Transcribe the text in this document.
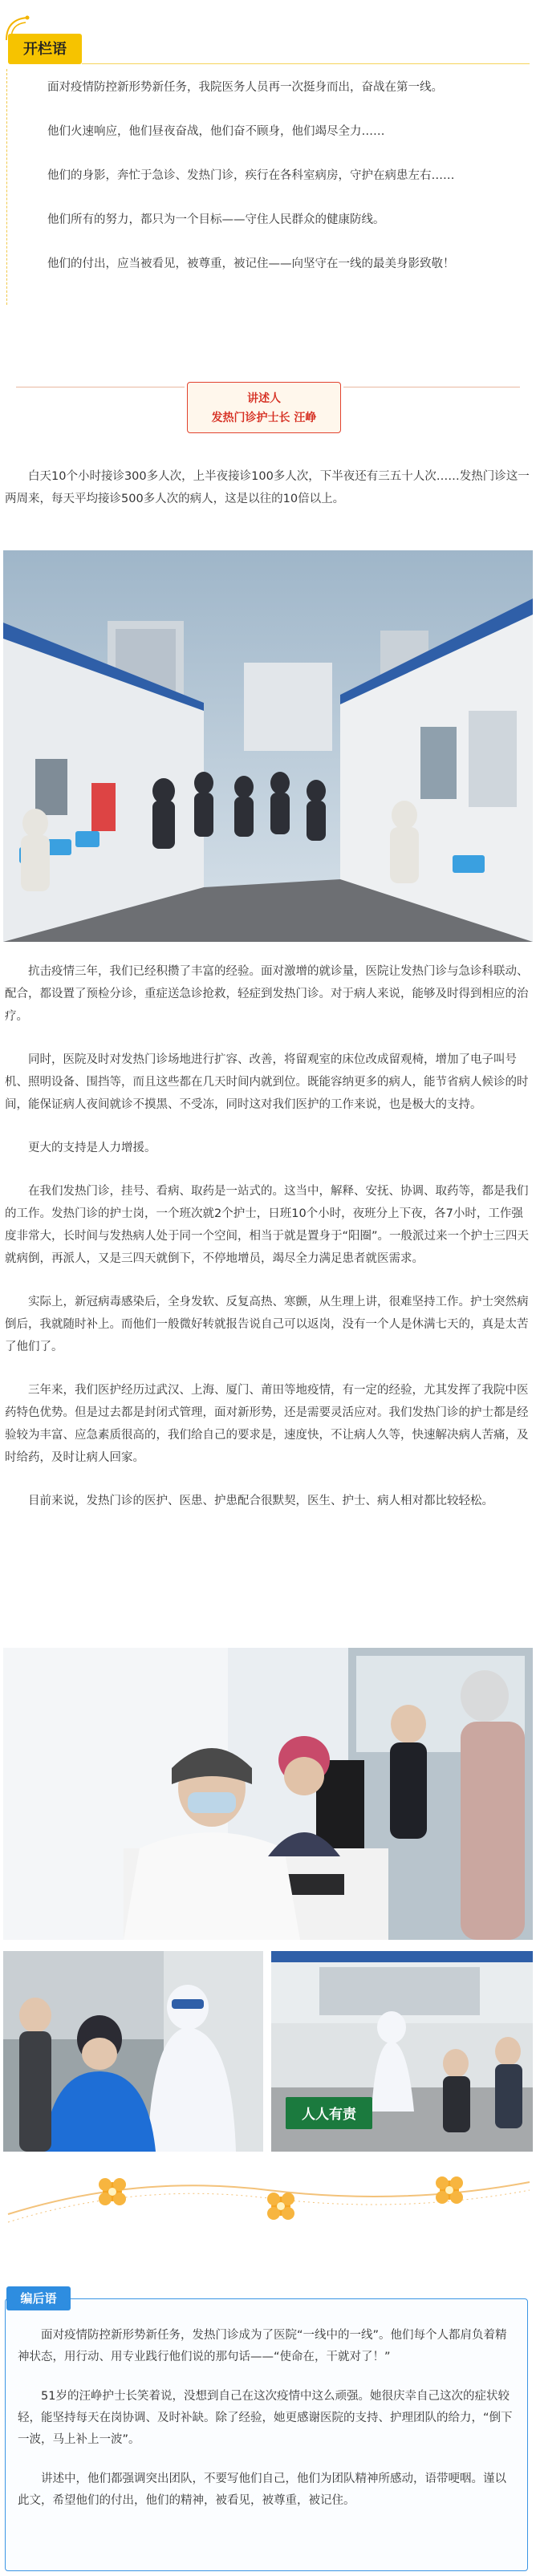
开栏语

面对疫情防控新形势新任务，我院医务人员再一次挺身而出，奋战在第一线。

他们火速响应，他们昼夜奋战，他们奋不顾身，他们竭尽全力……

他们的身影，奔忙于急诊、发热门诊，疾行在各科室病房，守护在病患左右……

他们所有的努力，都只为一个目标——守住人民群众的健康防线。

他们的付出，应当被看见，被尊重，被记住——向坚守在一线的最美身影致敬！

讲述人
发热门诊护士长 汪峥

白天10个小时接诊300多人次，上半夜接诊100多人次，下半夜还有三五十人次……发热门诊这一两周来，每天平均接诊500多人次的病人，这是以往的10倍以上。

抗击疫情三年，我们已经积攒了丰富的经验。面对激增的就诊量，医院让发热门诊与急诊科联动、配合，都设置了预检分诊，重症送急诊抢救，轻症到发热门诊。对于病人来说，能够及时得到相应的治疗。

同时，医院及时对发热门诊场地进行扩容、改善，将留观室的床位改成留观椅，增加了电子叫号机、照明设备、围挡等，而且这些都在几天时间内就到位。既能容纳更多的病人，能节省病人候诊的时间，能保证病人夜间就诊不摸黑、不受冻，同时这对我们医护的工作来说，也是极大的支持。

更大的支持是人力增援。

在我们发热门诊，挂号、看病、取药是一站式的。这当中，解释、安抚、协调、取药等，都是我们的工作。发热门诊的护士岗，一个班次就2个护士，日班10个小时，夜班分上下夜，各7小时，工作强度非常大，长时间与发热病人处于同一个空间，相当于就是置身于“阳圈”。一般派过来一个护士三四天就病倒，再派人，又是三四天就倒下，不停地增员，竭尽全力满足患者就医需求。

实际上，新冠病毒感染后，全身发软、反复高热、寒颤，从生理上讲，很难坚持工作。护士突然病倒后，我就随时补上。而他们一般微好转就报告说自己可以返岗，没有一个人是休满七天的，真是太苦了他们了。

三年来，我们医护经历过武汉、上海、厦门、莆田等地疫情，有一定的经验，尤其发挥了我院中医药特色优势。但是过去都是封闭式管理，面对新形势，还是需要灵活应对。我们发热门诊的护士都是经验较为丰富、应急素质很高的，我们给自己的要求是，速度快，不让病人久等，快速解决病人苦痛，及时给药，及时让病人回家。

目前来说，发热门诊的医护、医患、护患配合很默契，医生、护士、病人相对都比较轻松。

人人有责
编后语

面对疫情防控新形势新任务，发热门诊成为了医院“一线中的一线”。他们每个人都肩负着精神状态，用行动、用专业践行他们说的那句话——“使命在，干就对了！”

51岁的汪峥护士长笑着说，没想到自己在这次疫情中这么顽强。她很庆幸自己这次的症状较轻，能坚持每天在岗协调、及时补缺。除了经验，她更感谢医院的支持、护理团队的给力，“倒下一波，马上补上一波”。

讲述中，他们都强调突出团队，不要写他们自己，他们为团队精神所感动，语带哽咽。谨以此文，希望他们的付出，他们的精神，被看见，被尊重，被记住。
